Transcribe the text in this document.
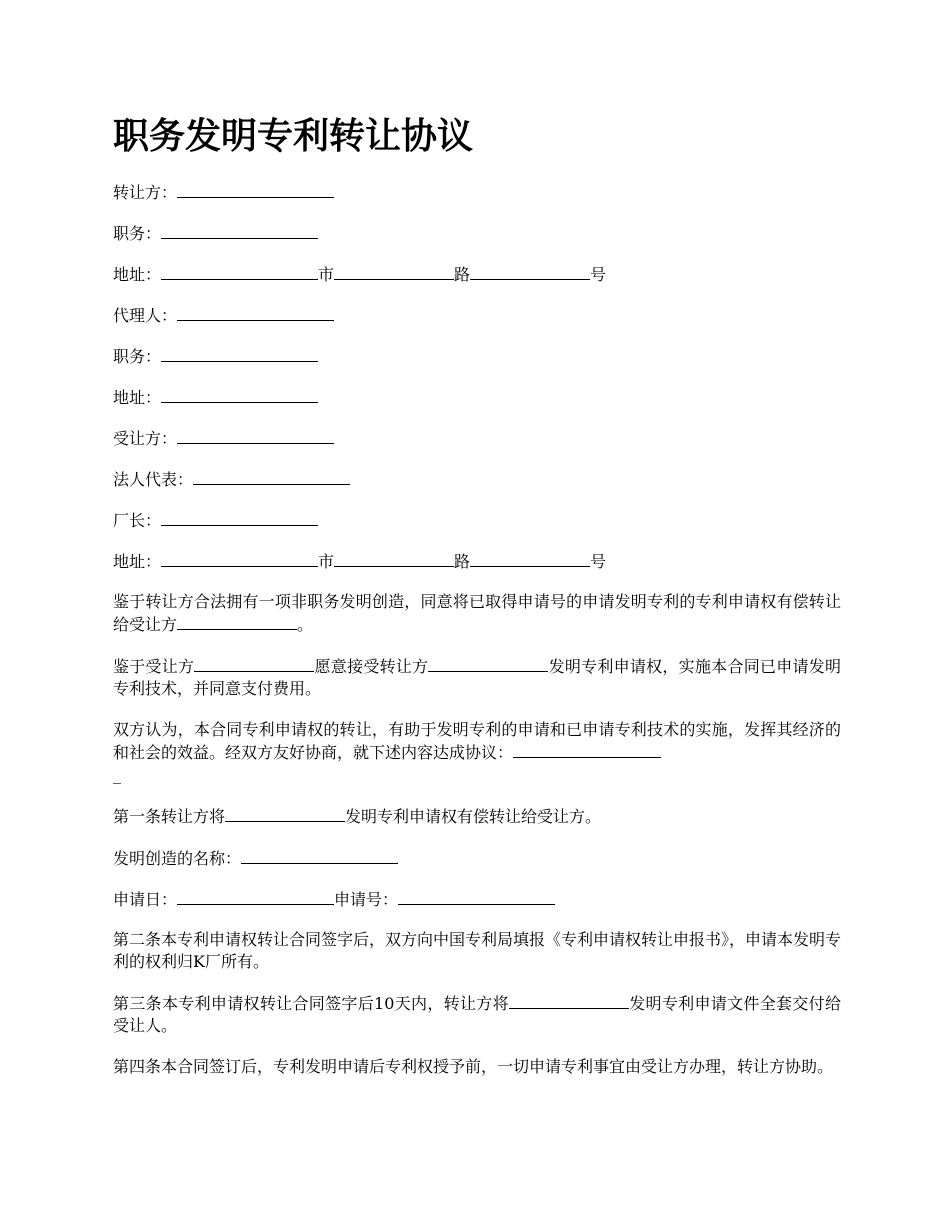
职务发明专利转让协议
转让方：
职务：
地址：	市	路	号
代理人：
职务：
地址：
受让方：
法人代表：
厂长：
地址：	市	路	号
鉴于转让方合法拥有一项非职务发明创造，同意将已取得申请号的申请发明专利的专利申请权有偿转让给受让方	。
鉴于受让方	愿意接受转让方	发明专利申请权，实施本合同已申请发明专利技术，并同意支付费用。
双方认为，本合同专利申请权的转让，有助于发明专利的申请和已申请专利技术的实施，发挥其经济的和社会的效益。经双方友好协商，就下述内容达成协议：
_
第一条转让方将	发明专利申请权有偿转让给受让方。
发明创造的名称：
申请日：	申请号：
第二条本专利申请权转让合同签字后，双方向中国专利局填报《专利申请权转让申报书》，申请本发明专利的权利归K厂所有。
第三条本专利申请权转让合同签字后10天内，转让方将	发明专利申请文件全套交付给受让人。
第四条本合同签订后，专利发明申请后专利权授予前，一切申请专利事宜由受让方办理，转让方协助。
